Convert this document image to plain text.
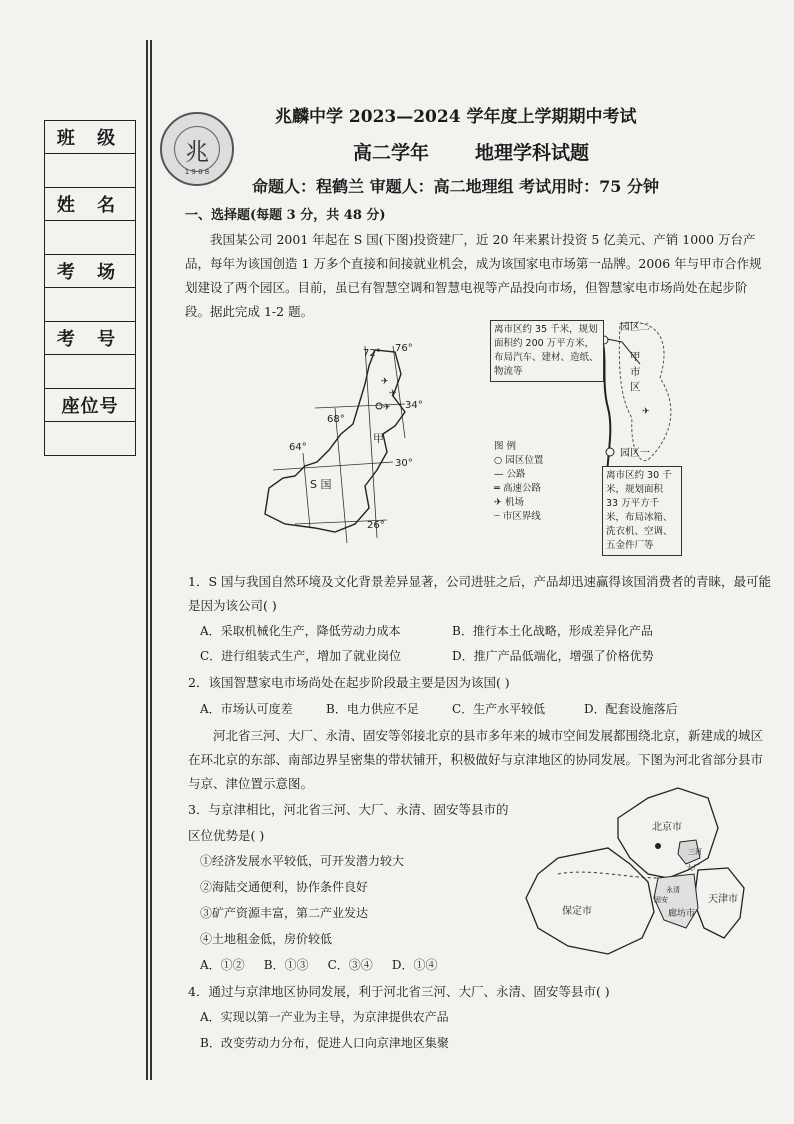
班 级
姓 名
考 场
考 号
座位号
兆
1 9 0 8
兆麟中学 2023—2024 学年度上学期期中考试
高二学年 地理学科试题
命题人：程鹤兰 审题人：高二地理组 考试用时：75 分钟
一、选择题(每题 3 分，共 48 分)
我国某公司 2001 年起在 S 国(下图)投资建厂，近 20 年来累计投资 5 亿美元、产销 1000 万台产品，每年为该国创造 1 万多个直接和间接就业机会，成为该国家电市场第一品牌。2006 年与甲市合作规划建设了两个园区。目前，虽已有智慧空调和智慧电视等产品投向市场，但智慧家电市场尚处在起步阶段。据此完成 1-2 题。
✈
✈
✈
72° 76°
68°
34°
64°
30°
26°
甲
S 国
✈
园区二
甲市区
园区一
离市区约 35 千米，规划面积约 200 万平方米，布局汽车、建材、造纸、物流等
离市区约 30 千米，规划面积 33 万平方千米，布局冰箱、洗衣机、空调、五金件厂等
图 例
○ 园区位置
— 公路
═ 高速公路
✈ 机场
┄ 市区界线
1．S 国与我国自然环境及文化背景差异显著，公司进驻之后，产品却迅速赢得该国消费者的青睐，最可能是因为该公司( )
A．采取机械化生产，降低劳动力成本	B．推行本土化战略，形成差异化产品
C．进行组装式生产，增加了就业岗位	D．推广产品低端化，增强了价格优势
2．该国智慧家电市场尚处在起步阶段最主要是因为该国( )
A．市场认可度差	B．电力供应不足	C．生产水平较低	D．配套设施落后
河北省三河、大厂、永清、固安等邻接北京的县市多年来的城市空间发展都围绕北京，新建成的城区在环北京的东部、南部边界呈密集的带状铺开，积极做好与京津地区的协同发展。下图为河北省部分县市与京、津位置示意图。
3．与京津相比，河北省三河、大厂、永清、固安等县市的
区位优势是( )
①经济发展水平较低，可开发潜力较大
②海陆交通便利，协作条件良好
③矿产资源丰富，第二产业发达
④土地租金低，房价较低
A．①②     B．①③     C．③④     D．①④
北京市
三河
大厂
固安
永清
廊坊市
保定市
天津市
4．通过与京津地区协同发展，利于河北省三河、大厂、永清、固安等县市( )
A．实现以第一产业为主导，为京津提供农产品
B．改变劳动力分布，促进人口向京津地区集聚
